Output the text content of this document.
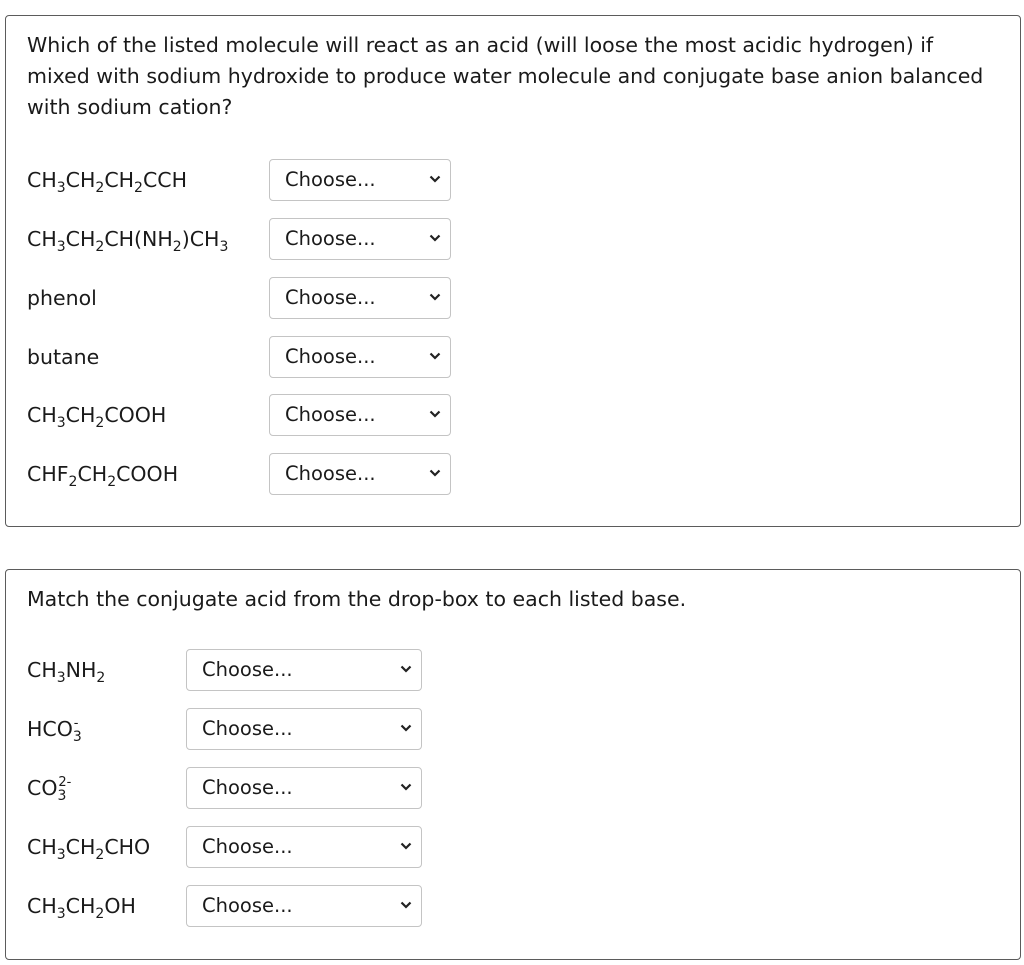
Which of the listed molecule will react as an acid (will loose the most acidic hydrogen) if mixed with sodium hydroxide to produce water molecule and conjugate base anion balanced with sodium cation?

$CH_3CH_2CH_2CCH$	Choose...
$CH_3CH_2CH(NH_2)CH_3$	Choose...
phenol	Choose...
butane	Choose...
$CH_3CH_2COOH$	Choose...
$CHF_2CH_2COOH$	Choose...

Match the conjugate acid from the drop-box to each listed base.

$CH_3NH_2$	Choose...
$HCO_3^-$	Choose...
$CO_3^{2-}$	Choose...
$CH_3CH_2CHO$	Choose...
$CH_3CH_2OH$	Choose...
